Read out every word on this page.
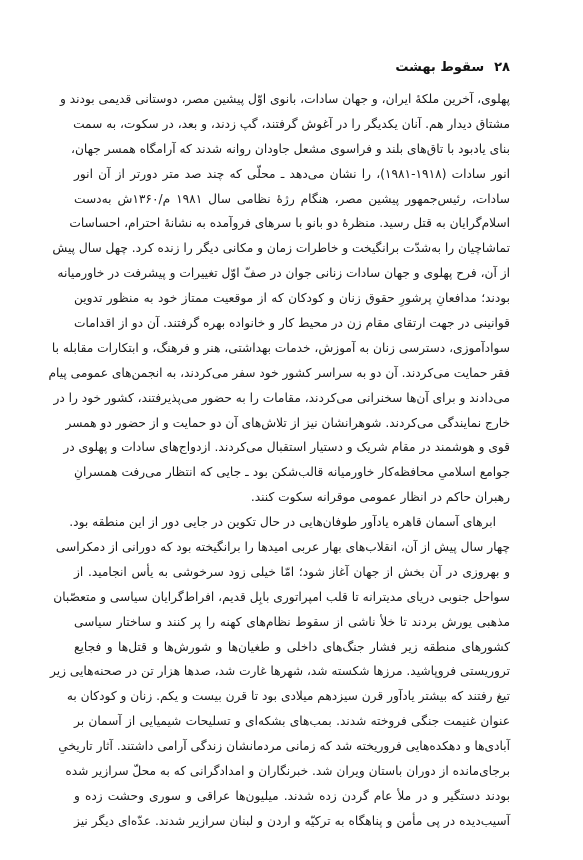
۲۸
سقوط بهشت
پهلوی، آخرین ملکهٔ ایران، و جهان سادات، بانوی اوّل پیشین مصر، دوستانی قدیمی بودند و
مشتاق دیدار هم. آنان یکدیگر را در آغوش گرفتند، گپ زدند، و بعد، در سکوت، به سمت
بنای یادبود با تاق‌های بلند و فراسوی مشعل جاودان روانه شدند که آرامگاه همسر جهان،
انور سادات (۱۹۱۸-۱۹۸۱)، را نشان می‌دهد ـ محلّی که چند صد متر دورتر از آن انور
سادات، رئیس‌جمهور پیشین مصر، هنگام رژهٔ نظامی سال ۱۹۸۱ م/۱۳۶۰ش به‌دست
اسلام‌گرایان به قتل رسید. منظرهٔ دو بانو با سرهای فروآمده به نشانهٔ احترام، احساسات
تماشاچیان را به‌شدّت برانگیخت و خاطرات زمان و مکانی دیگر را زنده کرد. چهل سال پیش
از آن، فرح پهلوی و جهان سادات زنانی جوان در صفّ اوّل تغییرات و پیشرفت در خاورمیانه
بودند؛ مدافعانِ پرشورِ حقوق زنان و کودکان که از موقعیت ممتاز خود به منظور تدوین
قوانینی در جهت ارتقای مقام زن در محیط کار و خانواده بهره گرفتند. آن دو از اقدامات
سوادآموزی، دسترسی زنان به آموزش، خدمات بهداشتی، هنر و فرهنگ، و ابتکارات مقابله با
فقر حمایت می‌کردند. آن دو به سراسر کشور خود سفر می‌کردند، به انجمن‌های عمومی پیام
می‌دادند و برای آن‌ها سخنرانی می‌کردند، مقامات را به حضور می‌پذیرفتند، کشور خود را در
خارج نمایندگی می‌کردند. شوهرانشان نیز از تلاش‌های آن دو حمایت و از حضور دو همسر
قوی و هوشمند در مقام شریک و دستیار استقبال می‌کردند. ازدواج‌های سادات و پهلوی در
جوامع اسلامیِ محافظه‌کار خاورمیانه قالب‌شکن بود ـ جایی که انتظار می‌رفت همسرانِ
رهبران حاکم در انظار عمومی موقرانه سکوت کنند.
ابرهای آسمان قاهره یادآور طوفان‌هایی در حال تکوین در جایی دور از این منطقه بود.
چهار سال پیش از آن، انقلاب‌های بهار عربی امیدها را برانگیخته بود که دورانی از دمکراسی
و بهروزی در آن بخش از جهان آغاز شود؛ امّا خیلی زود سرخوشی به یأس انجامید. از
سواحل جنوبی دریای مدیترانه تا قلب امپراتوری بابِل قدیم، افراط‌گرایان سیاسی و متعصّبان
مذهبی یورش بردند تا خلأ ناشی از سقوط نظام‌های کهنه را پر کنند و ساختار سیاسی
کشورهای منطقه زیر فشار جنگ‌های داخلی و طغیان‌ها و شورش‌ها و قتل‌ها و فجایع
تروریستی فروپاشید. مرزها شکسته شد، شهرها غارت شد، صدها هزار تن در صحنه‌هایی زیر
تیغ رفتند که بیشتر یادآور قرن سیزدهم میلادی بود تا قرن بیست و یکم. زنان و کودکان به
عنوان غنیمت جنگی فروخته شدند. بمب‌های بشکه‌ای و تسلیحات شیمیایی از آسمان بر
آبادی‌ها و دهکده‌هایی فروریخته شد که زمانی مردمانشان زندگی آرامی داشتند. آثار تاریخیِ
برجای‌مانده از دوران باستان ویران شد. خبرنگاران و امدادگرانی که به محلّ سرازیر شده
بودند دستگیر و در ملأ عام گردن زده شدند. میلیون‌ها عراقی و سوری وحشت زده و
آسیب‌دیده در پی مأمن و پناهگاه به ترکیّه و اردن و لبنان سرازیر شدند. عدّه‌ای دیگر نیز
